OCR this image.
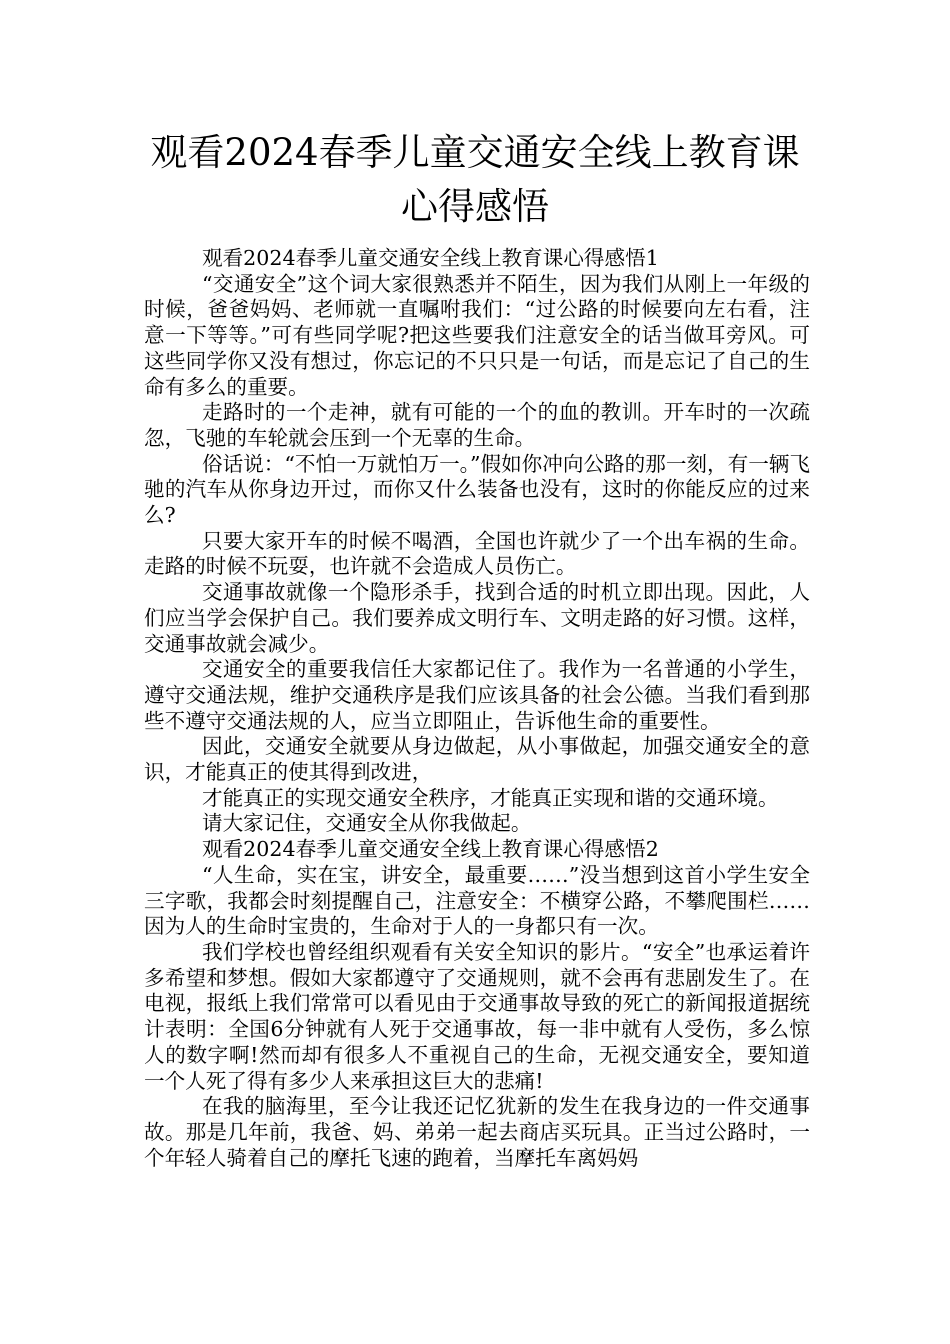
观看2024春季儿童交通安全线上教育课心得感悟

观看2024春季儿童交通安全线上教育课心得感悟1

“交通安全”这个词大家很熟悉并不陌生，因为我们从刚上一年级的时候，爸爸妈妈、老师就一直嘱咐我们：“过公路的时候要向左右看，注意一下等等。”可有些同学呢?把这些要我们注意安全的话当做耳旁风。可这些同学你又没有想过，你忘记的不只只是一句话，而是忘记了自己的生命有多么的重要。

走路时的一个走神，就有可能的一个的血的教训。开车时的一次疏忽，飞驰的车轮就会压到一个无辜的生命。

俗话说：“不怕一万就怕万一。”假如你冲向公路的那一刻，有一辆飞驰的汽车从你身边开过，而你又什么装备也没有，这时的你能反应的过来么?

只要大家开车的时候不喝酒，全国也许就少了一个出车祸的生命。走路的时候不玩耍，也许就不会造成人员伤亡。

交通事故就像一个隐形杀手，找到合适的时机立即出现。因此，人们应当学会保护自己。我们要养成文明行车、文明走路的好习惯。这样，交通事故就会减少。

交通安全的重要我信任大家都记住了。我作为一名普通的小学生，遵守交通法规，维护交通秩序是我们应该具备的社会公德。当我们看到那些不遵守交通法规的人，应当立即阻止，告诉他生命的重要性。

因此，交通安全就要从身边做起，从小事做起，加强交通安全的意识，才能真正的使其得到改进，

才能真正的实现交通安全秩序，才能真正实现和谐的交通环境。

请大家记住，交通安全从你我做起。

观看2024春季儿童交通安全线上教育课心得感悟2

“人生命，实在宝，讲安全，最重要……”没当想到这首小学生安全三字歌，我都会时刻提醒自己，注意安全：不横穿公路，不攀爬围栏……因为人的生命时宝贵的，生命对于人的一身都只有一次。

我们学校也曾经组织观看有关安全知识的影片。“安全”也承运着许多希望和梦想。假如大家都遵守了交通规则，就不会再有悲剧发生了。在电视，报纸上我们常常可以看见由于交通事故导致的死亡的新闻报道据统计表明：全国6分钟就有人死于交通事故，每一非中就有人受伤，多么惊人的数字啊!然而却有很多人不重视自己的生命，无视交通安全，要知道一个人死了得有多少人来承担这巨大的悲痛!

在我的脑海里，至今让我还记忆犹新的发生在我身边的一件交通事故。那是几年前，我爸、妈、弟弟一起去商店买玩具。正当过公路时，一个年轻人骑着自己的摩托飞速的跑着，当摩托车离妈妈
